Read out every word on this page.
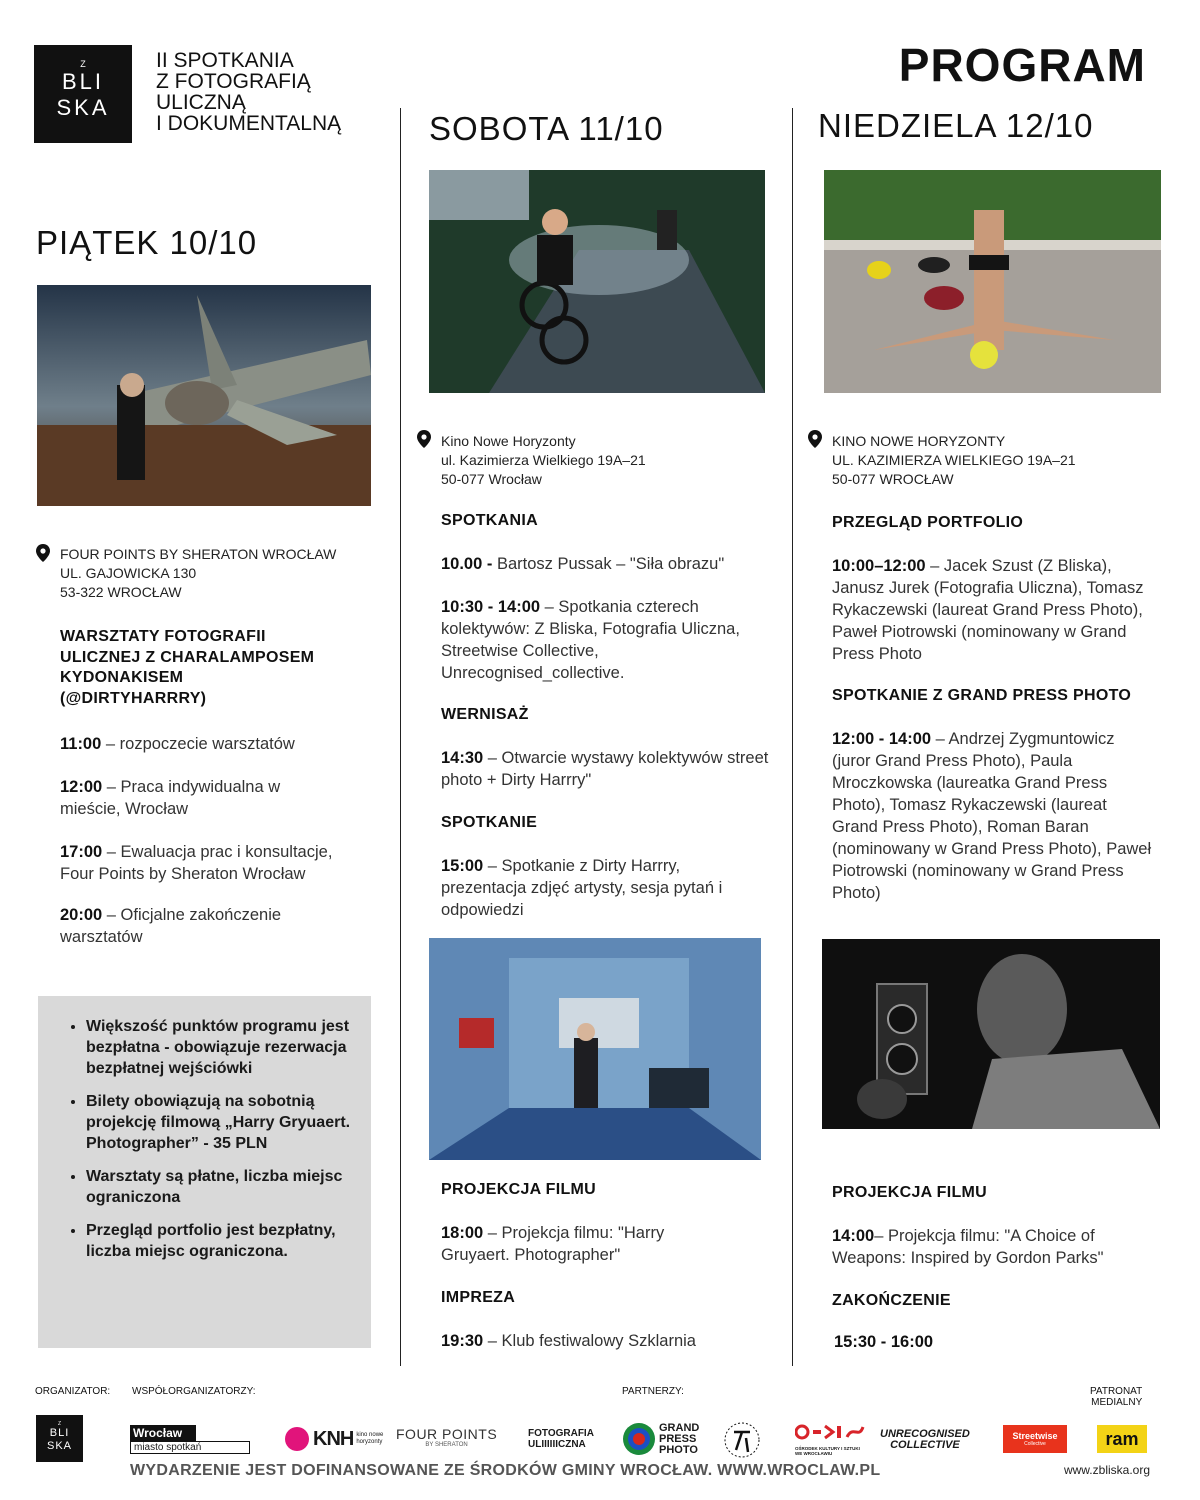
Z
BLI
SKA
II SPOTKANIA
Z FOTOGRAFIĄ
ULICZNĄ
I DOKUMENTALNĄ
PROGRAM
PIĄTEK 10/10
FOUR POINTS BY SHERATON WROCŁAW
UL. GAJOWICKA 130
53-322 WROCŁAW
WARSZTATY FOTOGRAFII
ULICZNEJ Z CHARALAMPOSEM
KYDONAKISEM
(@DIRTYHARRRY)
11:00 – rozpoczecie warsztatów
12:00 – Praca indywidualna w mieście, Wrocław
17:00 – Ewaluacja prac i konsultacje, Four Points by Sheraton Wrocław
20:00 – Oficjalne zakończenie warsztatów
• Większość punktów programu jest bezpłatna - obowiązuje rezerwacja bezpłatnej wejściówki
• Bilety obowiązują na sobotnią projekcję filmową „Harry Gryuaert. Photographer” - 35 PLN
• Warsztaty są płatne, liczba miejsc ograniczona
• Przegląd portfolio jest bezpłatny, liczba miejsc ograniczona.
SOBOTA 11/10
Kino Nowe Horyzonty
ul. Kazimierza Wielkiego 19A–21
50-077 Wrocław
SPOTKANIA
10.00 - Bartosz Pussak – "Siła obrazu"
10:30 - 14:00 – Spotkania czterech kolektywów: Z Bliska, Fotografia Uliczna, Streetwise Collective, Unrecognised_collective.
WERNISAŻ
14:30 – Otwarcie wystawy kolektywów street photo + Dirty Harrry"
SPOTKANIE
15:00 – Spotkanie z Dirty Harrry, prezentacja zdjęć artysty, sesja pytań i odpowiedzi
PROJEKCJA FILMU
18:00 – Projekcja filmu: "Harry Gruyaert. Photographer"
IMPREZA
19:30 – Klub festiwalowy Szklarnia
NIEDZIELA 12/10
KINO NOWE HORYZONTY
UL. KAZIMIERZA WIELKIEGO 19A–21
50-077 WROCŁAW
PRZEGLĄD PORTFOLIO
10:00–12:00 – Jacek Szust (Z Bliska), Janusz Jurek (Fotografia Uliczna), Tomasz Rykaczewski (laureat Grand Press Photo), Paweł Piotrowski (nominowany w Grand Press Photo
SPOTKANIE Z GRAND PRESS PHOTO
12:00 - 14:00 – Andrzej Zygmuntowicz (juror Grand Press Photo), Paula Mroczkowska (laureatka Grand Press Photo), Tomasz Rykaczewski (laureat Grand Press Photo), Roman Baran (nominowany w Grand Press Photo), Paweł Piotrowski (nominowany w Grand Press Photo)
PROJEKCJA FILMU
14:00– Projekcja filmu: "A Choice of Weapons: Inspired by Gordon Parks"
ZAKOŃCZENIE
15:30 - 16:00
ORGANIZATOR: WSPÓŁORGANIZATORZY:	PARTNERZY:	PATRONAT
MEDIALNY
Z
BLI
SKA
Wrocław
miasto spotkań	KNH kino nowe horyzonty FOUR POINTS
BY SHERATON
FOTOGRAFIA
ULIIIIIICZNA
GRAND PRESS PHOTO	OŚRODEK KULTURY I SZTUKI WE WROCŁAWIU
UNRECOGNISED
COLLECTIVE
Streetwise
Collective	ram
WYDARZENIE JEST DOFINANSOWANE ZE ŚRODKÓW GMINY WROCŁAW. WWW.WROCLAW.PL	www.zbliska.org
